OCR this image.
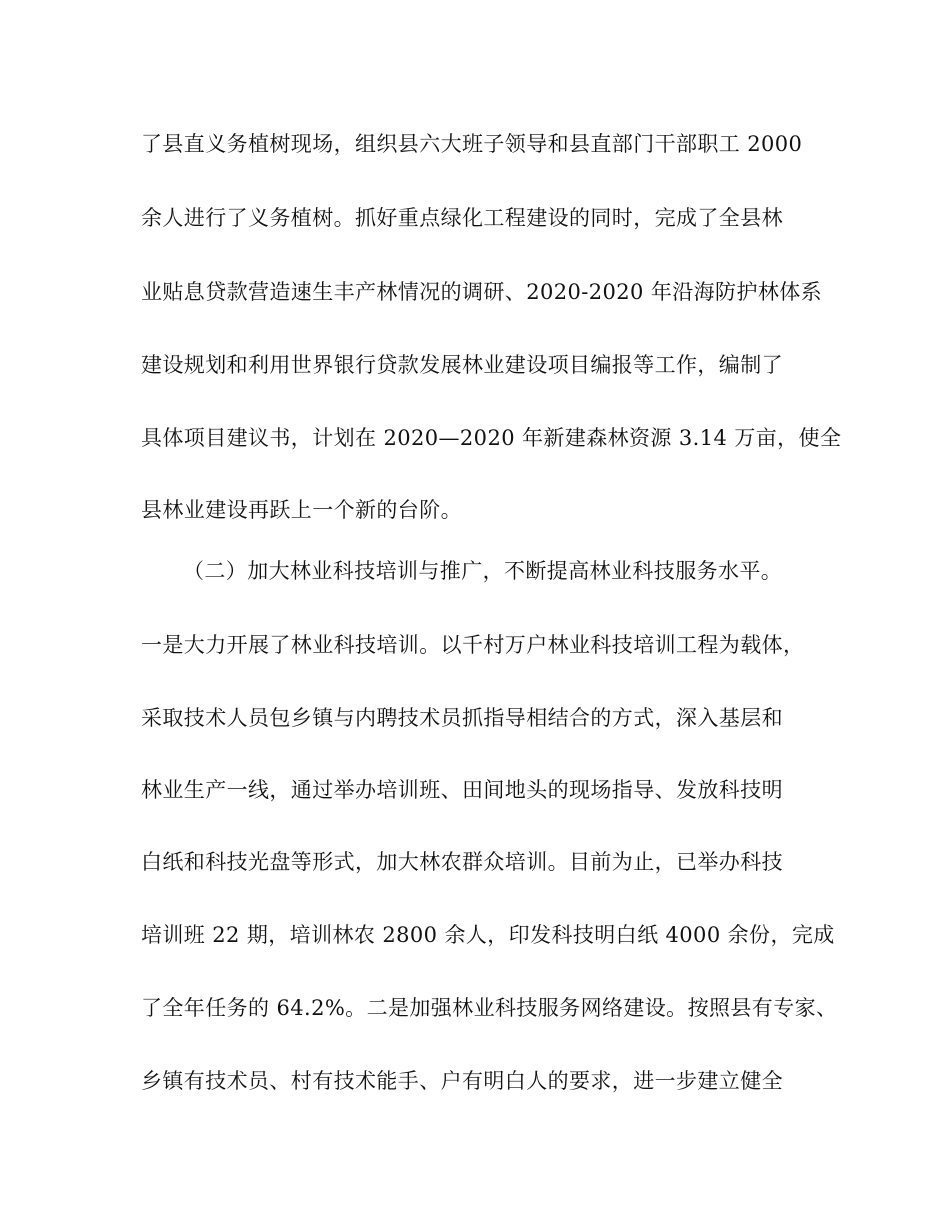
了县直义务植树现场，组织县六大班子领导和县直部门干部职工 2000

余人进行了义务植树。抓好重点绿化工程建设的同时，完成了全县林

业贴息贷款营造速生丰产林情况的调研、2020-2020 年沿海防护林体系

建设规划和利用世界银行贷款发展林业建设项目编报等工作，编制了

具体项目建议书，计划在 2020—2020 年新建森林资源 3.14 万亩，使全

县林业建设再跃上一个新的台阶。

（二）加大林业科技培训与推广，不断提高林业科技服务水平。

一是大力开展了林业科技培训。以千村万户林业科技培训工程为载体，

采取技术人员包乡镇与内聘技术员抓指导相结合的方式，深入基层和

林业生产一线，通过举办培训班、田间地头的现场指导、发放科技明

白纸和科技光盘等形式，加大林农群众培训。目前为止，已举办科技

培训班 22 期，培训林农 2800 余人，印发科技明白纸 4000 余份，完成

了全年任务的 64.2%。二是加强林业科技服务网络建设。按照县有专家、

乡镇有技术员、村有技术能手、户有明白人的要求，进一步建立健全
